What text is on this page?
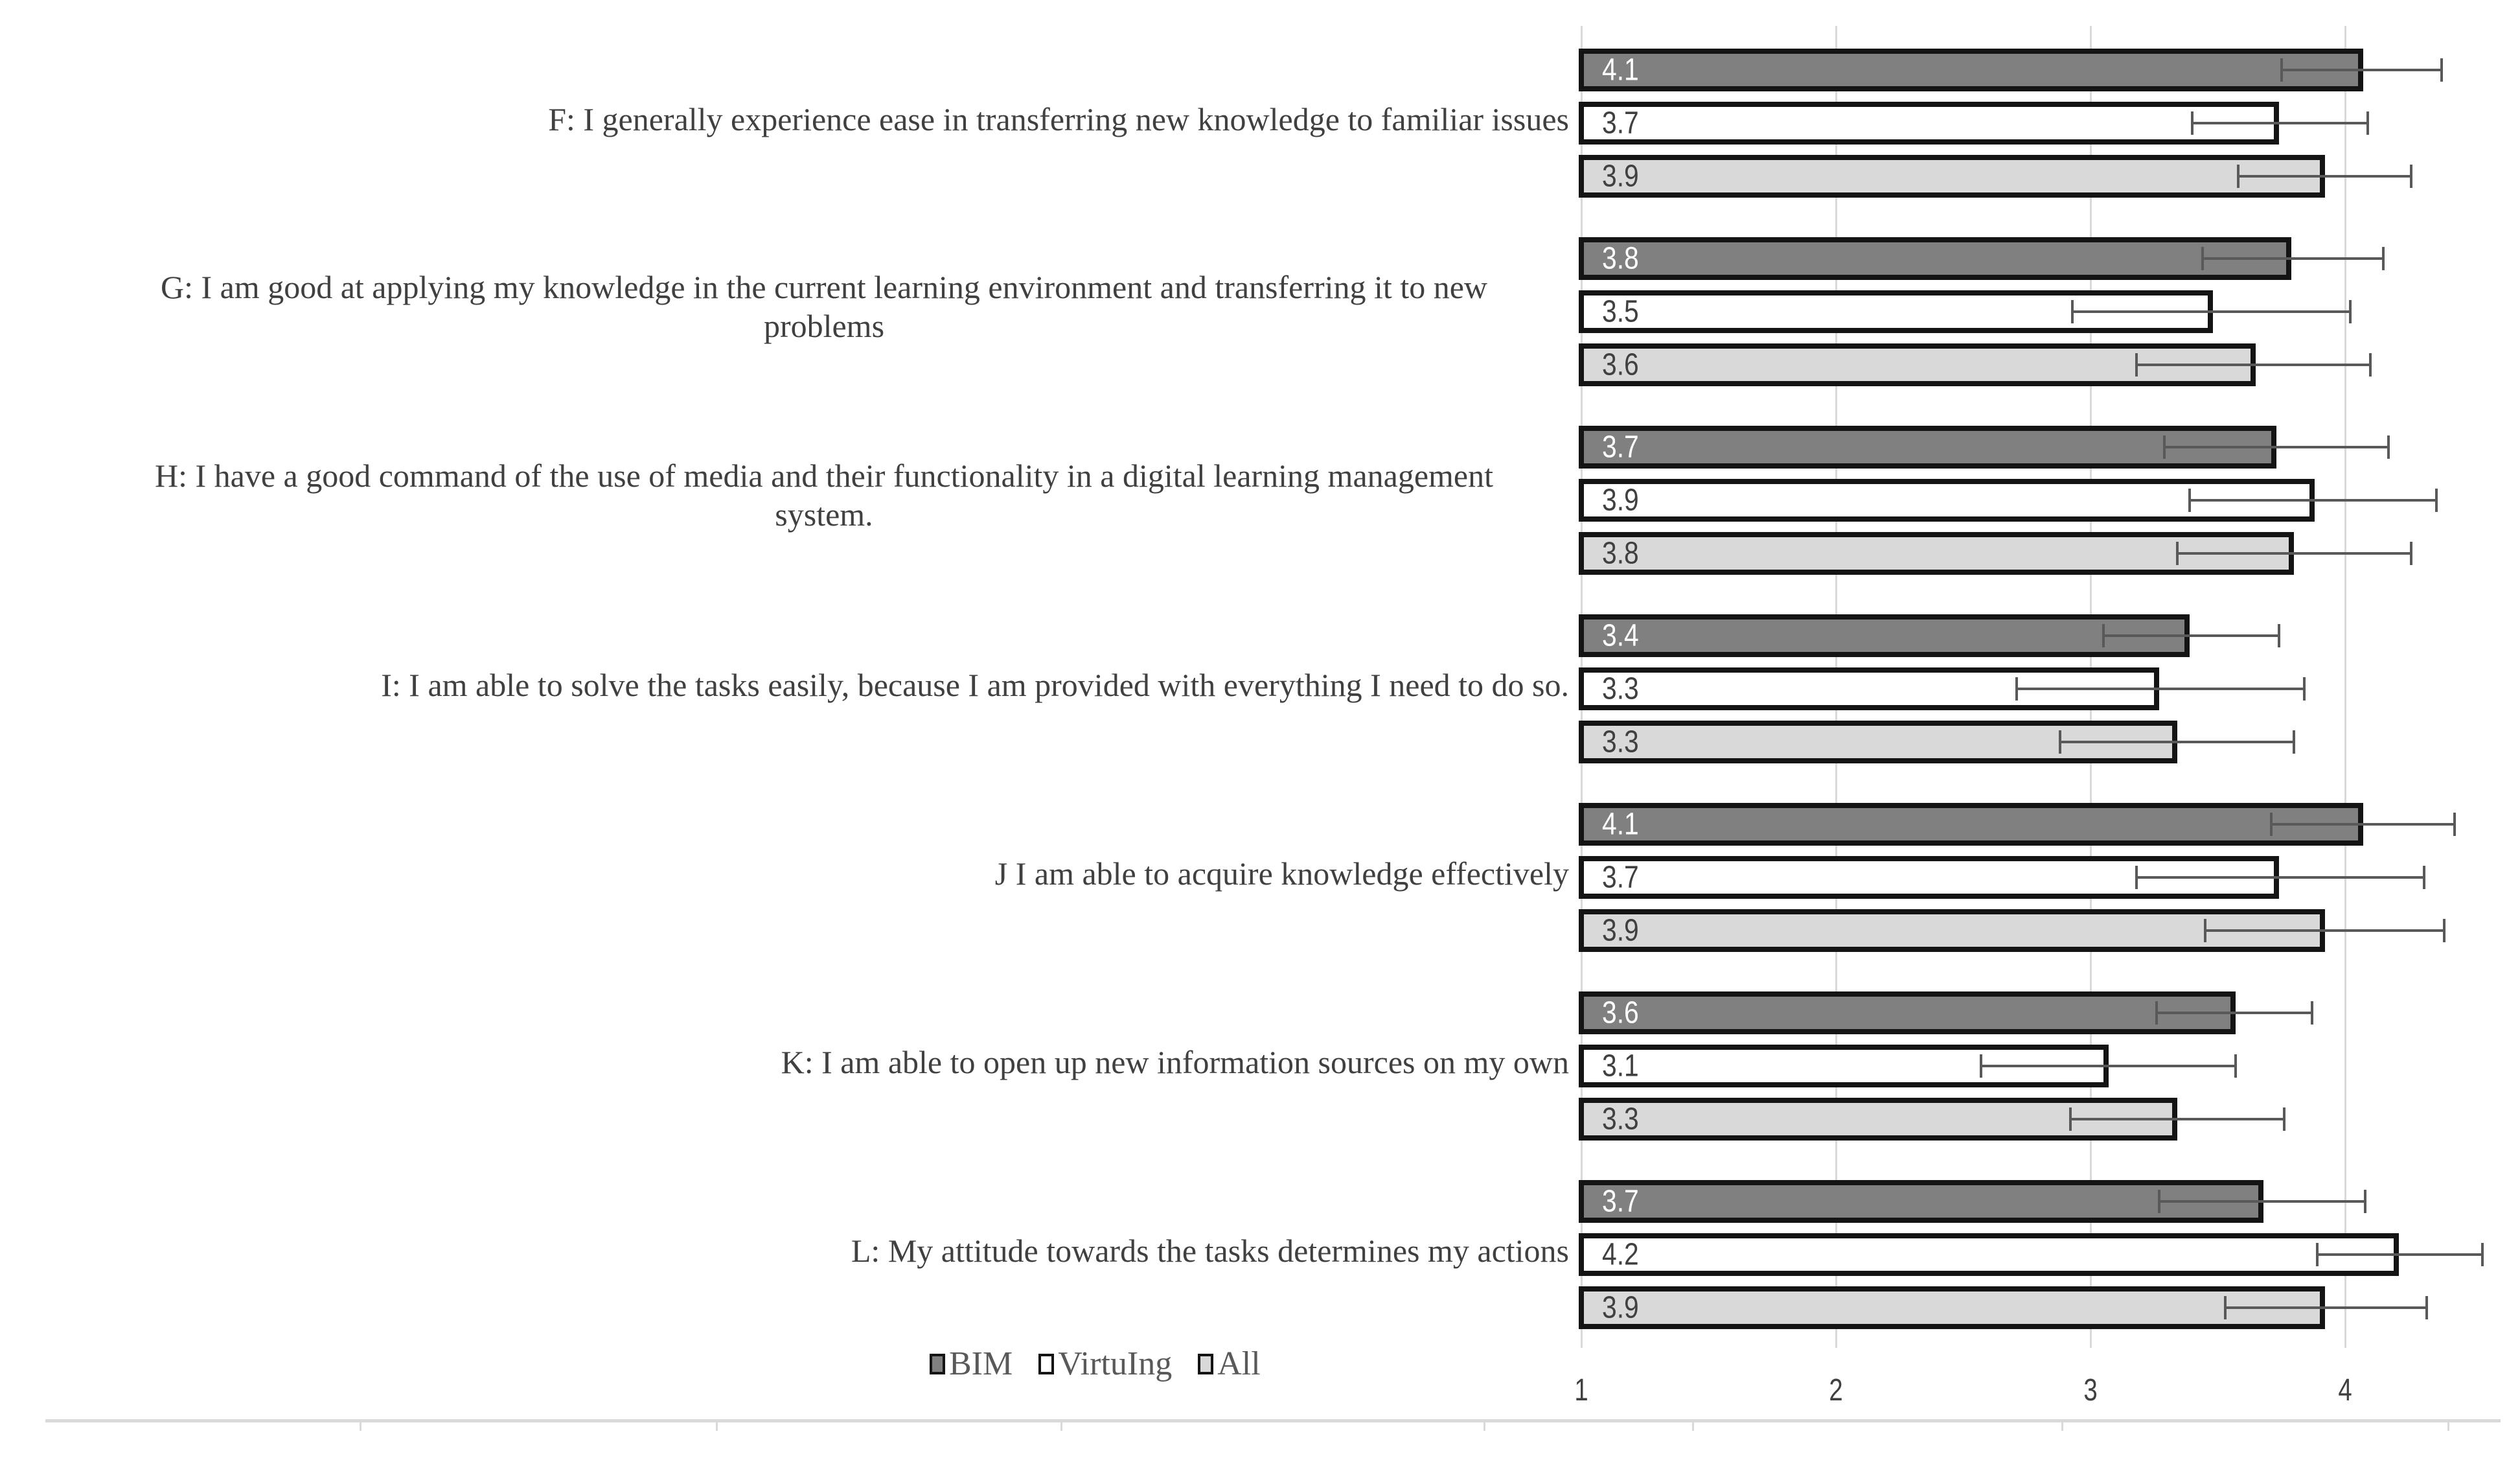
F: I generally experience ease in transferring new knowledge to familiar issues
G: I am good at applying my knowledge in the current learning environment and transferring it to new
problems
H: I have a good command of the use of media and their functionality in a digital learning management
system.
I: I am able to solve the tasks easily, because I am provided with everything I need to do so.
J I am able to acquire knowledge effectively
K: I am able to open up new information sources on my own
L: My attitude towards the tasks determines my actions
4.1
3.8
3.7
3.4
4.1
3.6
3.7
3.7
3.5
3.9
3.3
3.7
3.1
4.2
3.9
3.6
3.8
3.3
3.9
3.3
3.9
1	2	3	4
BIM VirtuIng All
